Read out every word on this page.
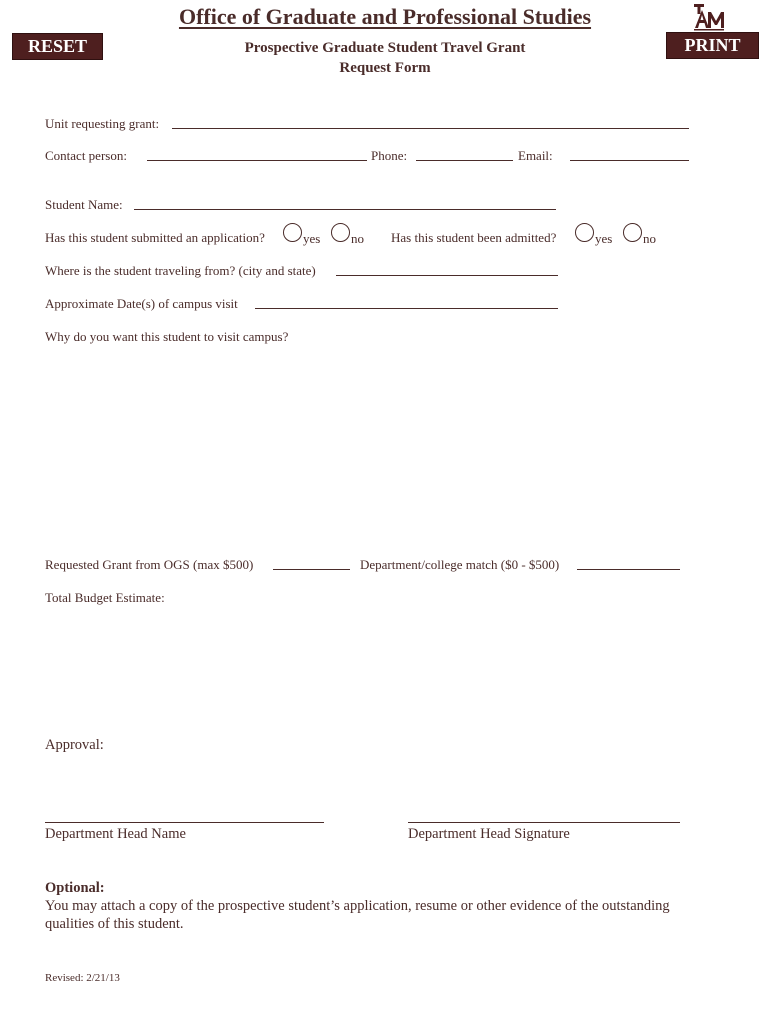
Office of Graduate and Professional Studies
Prospective Graduate Student Travel Grant
Request Form
RESET	PRINT
Unit requesting grant:
Contact person:	Phone:	Email:
Student Name:
Has this student submitted an application?	yes no Has this student been admitted?	yes no
Where is the student traveling from? (city and state)
Approximate Date(s) of campus visit
Why do you want this student to visit campus?
Requested Grant from OGS (max $500)	Department/college match ($0 - $500)
Total Budget Estimate:
Approval:
Department Head Name	Department Head Signature
Optional:
You may attach a copy of the prospective student’s application, resume or other evidence of the outstanding qualities of this student.
Revised: 2/21/13
